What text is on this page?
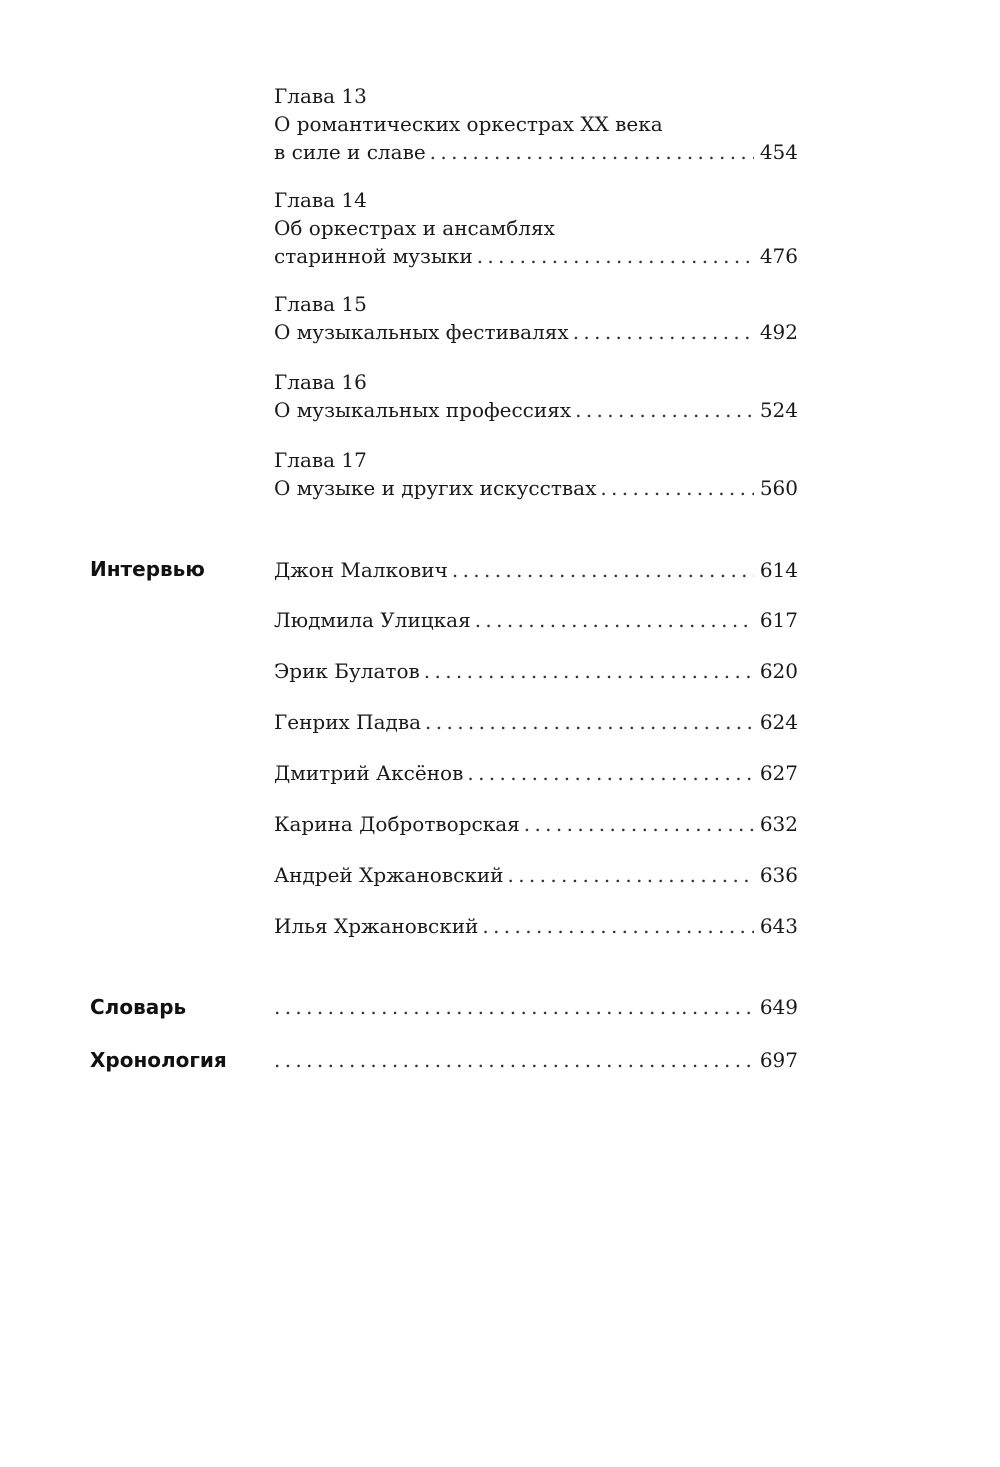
Глава 13
О романтических оркестрах XX века
в силе и славе . . .	454
Глава 14
Об оркестрах и ансамблях
старинной музыки . . .	476
Глава 15
О музыкальных фестивалях . . .	492
Глава 16
О музыкальных профессиях . . .	524
Глава 17
О музыке и других искусствах . . .	560
Интервью	Джон Малкович . . .	614
Людмила Улицкая . . .	617
Эрик Булатов . . .	620
Генрих Падва . . .	624
Дмитрий Аксёнов . . .	627
Карина Добротворская . . .	632
Андрей Хржановский . . .	636
Илья Хржановский . . .	643
Словарь . . .	649
Хронология . . .	697
